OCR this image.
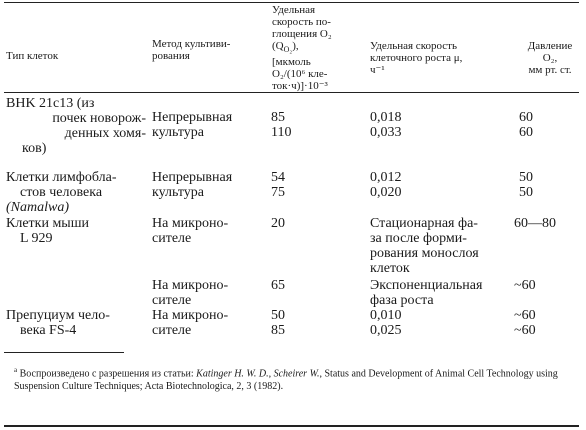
Тип клеток
Метод культиви-
рования
Удельная
скорость по-
глощения O₂
$(Q_{O_2})$,
[мкмоль
O₂/(10⁶ кле-
ток·ч)]·10⁻³
Удельная скорость
клеточного роста μ,
ч⁻¹
Давление
O₂,
мм рт. ст.
BHK 21c13 (из
почек новорож-
денных хомя-
ков)
Непрерывная
культура
85
110
0,018
0,033
60
60
Клетки лимфобла-
стов человека
(Namalwa)
Непрерывная
культура
54
75
0,012
0,020
50
50
Клетки мыши
L 929
На микроно-
сителе
20	Стационарная фа-
за после форми-
рования монослоя
клеток
60—80
На микроно-
сителе
65	Экспоненциальная
фаза роста
~60
Препуциум чело-
века FS-4
На микроно-
сителе
50
85
0,010
0,025
~60
~60
$^a$ Воспроизведено с разрешения из статьи: Katinger H. W. D., Scheirer W., Status and Development of Animal Cell Technology using Suspension Culture Techniques; Acta Biotechnologica, 2, 3 (1982).
